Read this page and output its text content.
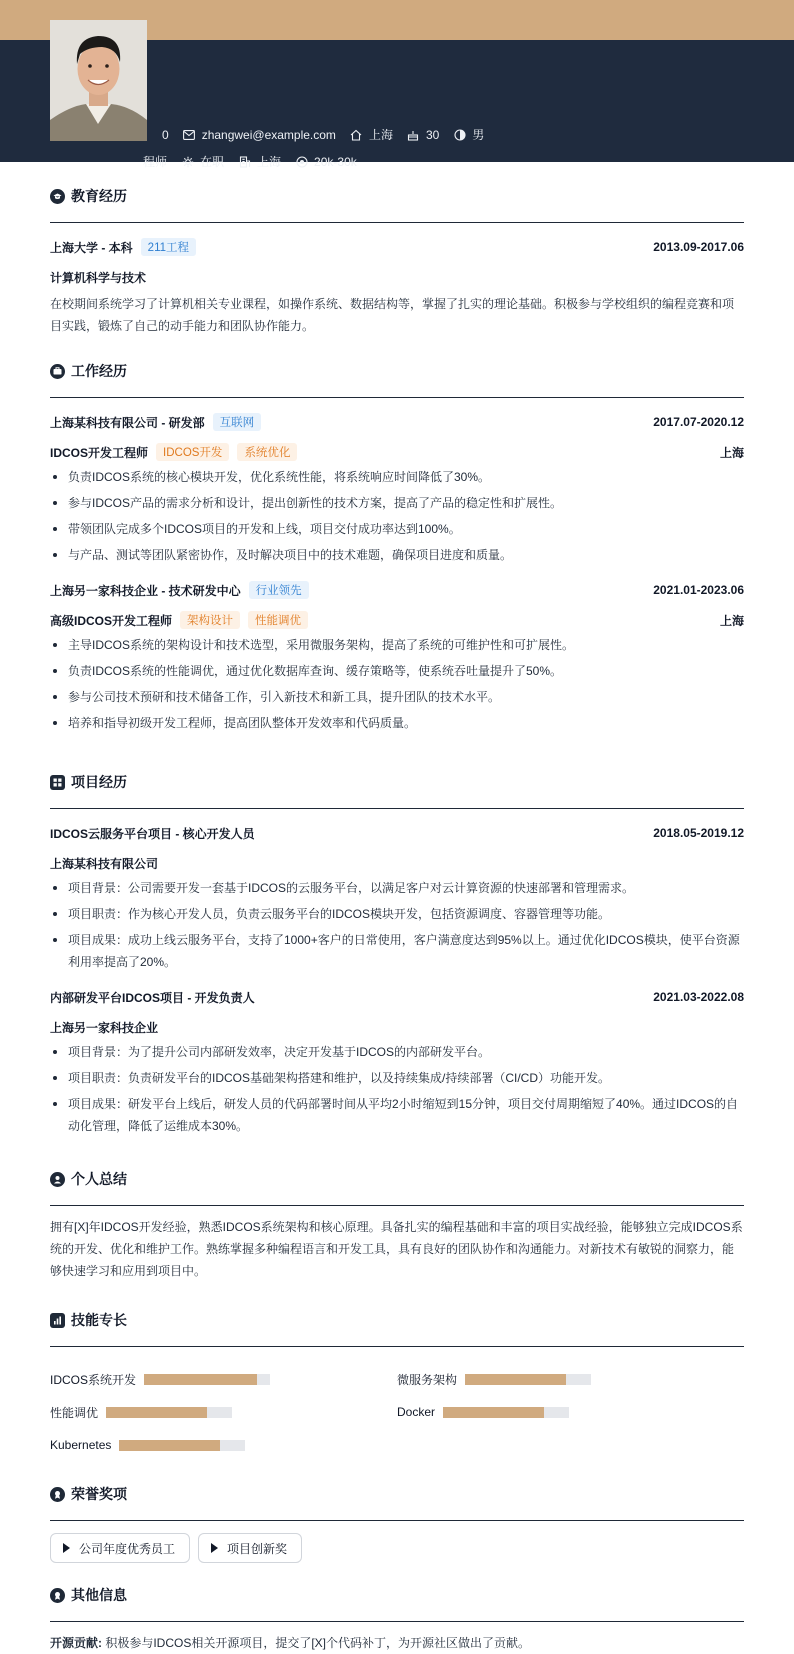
0	zhangwei@example.com	上海	30	男
程师	在职	上海	20k-30k
教育经历
上海大学 - 本科	211工程	2013.09-2017.06
计算机科学与技术
在校期间系统学习了计算机相关专业课程，如操作系统、数据结构等，掌握了扎实的理论基础。积极参与学校组织的编程竞赛和项目实践，锻炼了自己的动手能力和团队协作能力。
工作经历
上海某科技有限公司 - 研发部	互联网	2017.07-2020.12
IDCOS开发工程师	IDCOS开发	系统优化	上海
负责IDCOS系统的核心模块开发，优化系统性能，将系统响应时间降低了30%。
参与IDCOS产品的需求分析和设计，提出创新性的技术方案，提高了产品的稳定性和扩展性。
带领团队完成多个IDCOS项目的开发和上线，项目交付成功率达到100%。
与产品、测试等团队紧密协作，及时解决项目中的技术难题，确保项目进度和质量。
上海另一家科技企业 - 技术研发中心	行业领先	2021.01-2023.06
高级IDCOS开发工程师	架构设计	性能调优	上海
主导IDCOS系统的架构设计和技术选型，采用微服务架构，提高了系统的可维护性和可扩展性。
负责IDCOS系统的性能调优，通过优化数据库查询、缓存策略等，使系统吞吐量提升了50%。
参与公司技术预研和技术储备工作，引入新技术和新工具，提升团队的技术水平。
培养和指导初级开发工程师，提高团队整体开发效率和代码质量。
项目经历
IDCOS云服务平台项目 - 核心开发人员	2018.05-2019.12
上海某科技有限公司
项目背景：公司需要开发一套基于IDCOS的云服务平台，以满足客户对云计算资源的快速部署和管理需求。
项目职责：作为核心开发人员，负责云服务平台的IDCOS模块开发，包括资源调度、容器管理等功能。
项目成果：成功上线云服务平台，支持了1000+客户的日常使用，客户满意度达到95%以上。通过优化IDCOS模块，使平台资源利用率提高了20%。
内部研发平台IDCOS项目 - 开发负责人	2021.03-2022.08
上海另一家科技企业
项目背景：为了提升公司内部研发效率，决定开发基于IDCOS的内部研发平台。
项目职责：负责研发平台的IDCOS基础架构搭建和维护，以及持续集成/持续部署（CI/CD）功能开发。
项目成果：研发平台上线后，研发人员的代码部署时间从平均2小时缩短到15分钟，项目交付周期缩短了40%。通过IDCOS的自动化管理，降低了运维成本30%。
个人总结
拥有[X]年IDCOS开发经验，熟悉IDCOS系统架构和核心原理。具备扎实的编程基础和丰富的项目实战经验，能够独立完成IDCOS系统的开发、优化和维护工作。熟练掌握多种编程语言和开发工具，具有良好的团队协作和沟通能力。对新技术有敏锐的洞察力，能够快速学习和应用到项目中。
技能专长
IDCOS系统开发	微服务架构
性能调优	Docker
Kubernetes
荣誉奖项
公司年度优秀员工	项目创新奖
其他信息
开源贡献: 积极参与IDCOS相关开源项目，提交了[X]个代码补丁，为开源社区做出了贡献。
